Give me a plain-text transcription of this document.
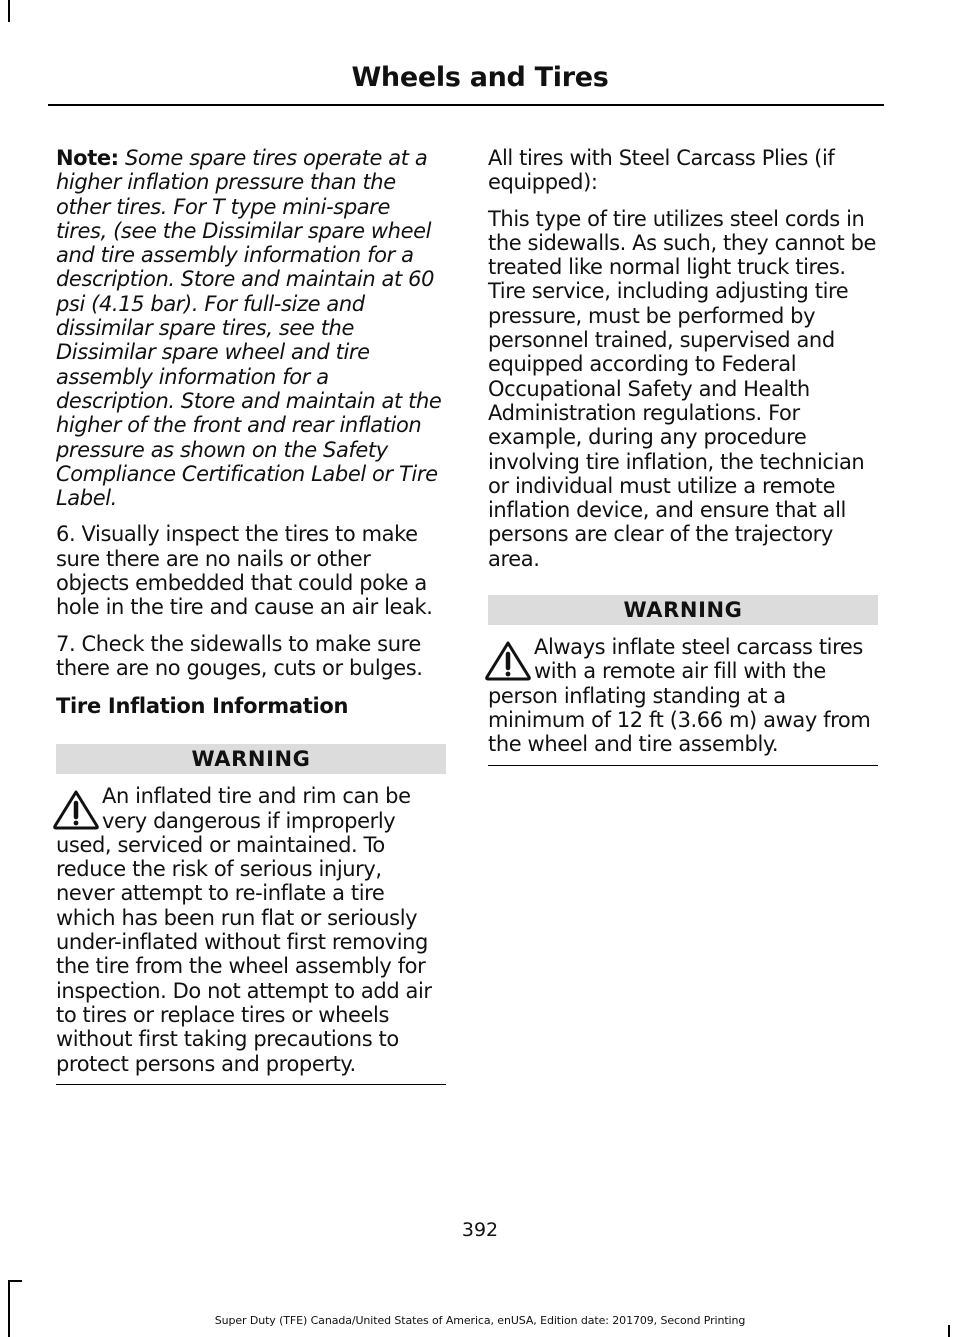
Wheels and Tires

Note: Some spare tires operate at a higher inflation pressure than the other tires. For T type mini-spare tires, (see the Dissimilar spare wheel and tire assembly information for a description. Store and maintain at 60 psi (4.15 bar). For full-size and dissimilar spare tires, see the Dissimilar spare wheel and tire assembly information for a description. Store and maintain at the higher of the front and rear inflation pressure as shown on the Safety Compliance Certification Label or Tire Label.

6. Visually inspect the tires to make sure there are no nails or other objects embedded that could poke a hole in the tire and cause an air leak.

7. Check the sidewalls to make sure there are no gouges, cuts or bulges.

Tire Inflation Information
WARNING
An inflated tire and rim can be very dangerous if improperly used, serviced or maintained. To reduce the risk of serious injury, never attempt to re-inflate a tire which has been run flat or seriously under-inflated without first removing the tire from the wheel assembly for inspection. Do not attempt to add air to tires or replace tires or wheels without first taking precautions to protect persons and property.

All tires with Steel Carcass Plies (if equipped):

This type of tire utilizes steel cords in the sidewalls. As such, they cannot be treated like normal light truck tires. Tire service, including adjusting tire pressure, must be performed by personnel trained, supervised and equipped according to Federal Occupational Safety and Health Administration regulations. For example, during any procedure involving tire inflation, the technician or individual must utilize a remote inflation device, and ensure that all persons are clear of the trajectory area.

WARNING
Always inflate steel carcass tires with a remote air fill with the person inflating standing at a minimum of 12 ft (3.66 m) away from the wheel and tire assembly.
392
Super Duty (TFE) Canada/United States of America, enUSA, Edition date: 201709, Second Printing
